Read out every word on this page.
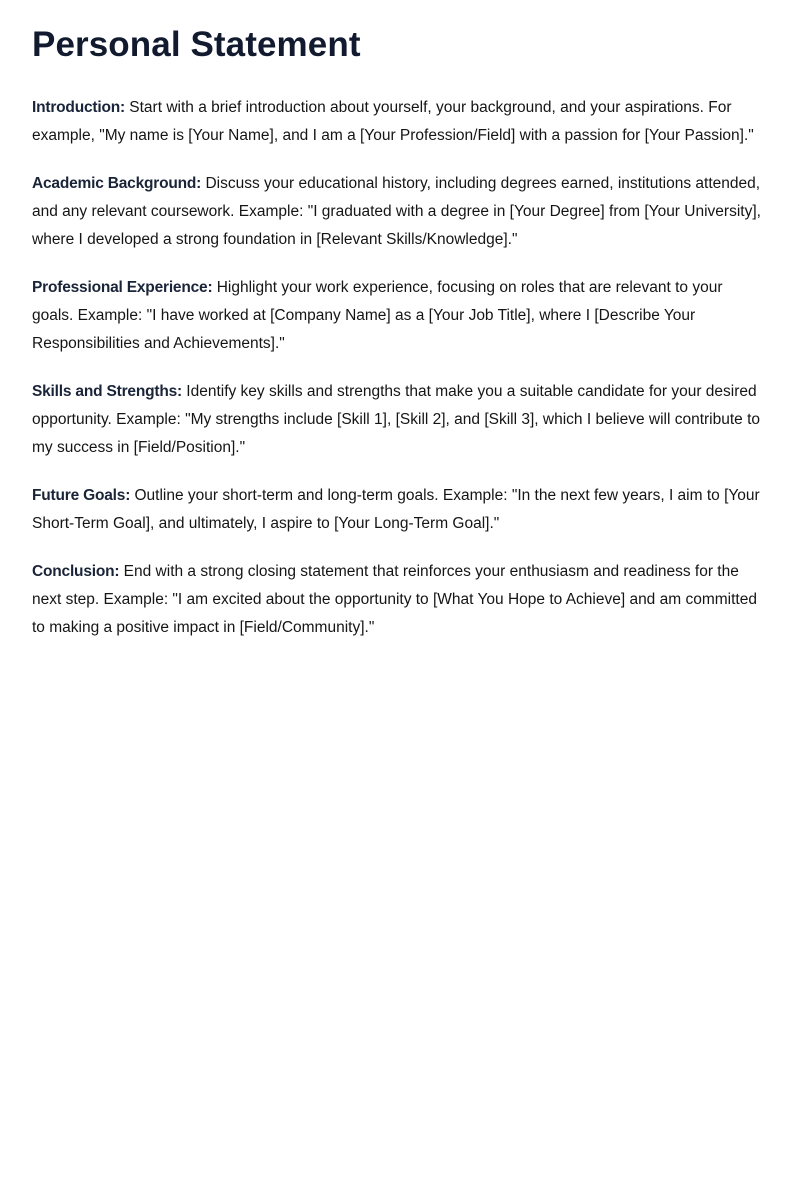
Personal Statement

Introduction: Start with a brief introduction about yourself, your background, and your aspirations. For example, "My name is [Your Name], and I am a [Your Profession/Field] with a passion for [Your Passion]."

Academic Background: Discuss your educational history, including degrees earned, institutions attended, and any relevant coursework. Example: "I graduated with a degree in [Your Degree] from [Your University], where I developed a strong foundation in [Relevant Skills/Knowledge]."

Professional Experience: Highlight your work experience, focusing on roles that are relevant to your goals. Example: "I have worked at [Company Name] as a [Your Job Title], where I [Describe Your Responsibilities and Achievements]."

Skills and Strengths: Identify key skills and strengths that make you a suitable candidate for your desired opportunity. Example: "My strengths include [Skill 1], [Skill 2], and [Skill 3], which I believe will contribute to my success in [Field/Position]."

Future Goals: Outline your short-term and long-term goals. Example: "In the next few years, I aim to [Your Short-Term Goal], and ultimately, I aspire to [Your Long-Term Goal]."

Conclusion: End with a strong closing statement that reinforces your enthusiasm and readiness for the next step. Example: "I am excited about the opportunity to [What You Hope to Achieve] and am committed to making a positive impact in [Field/Community]."
